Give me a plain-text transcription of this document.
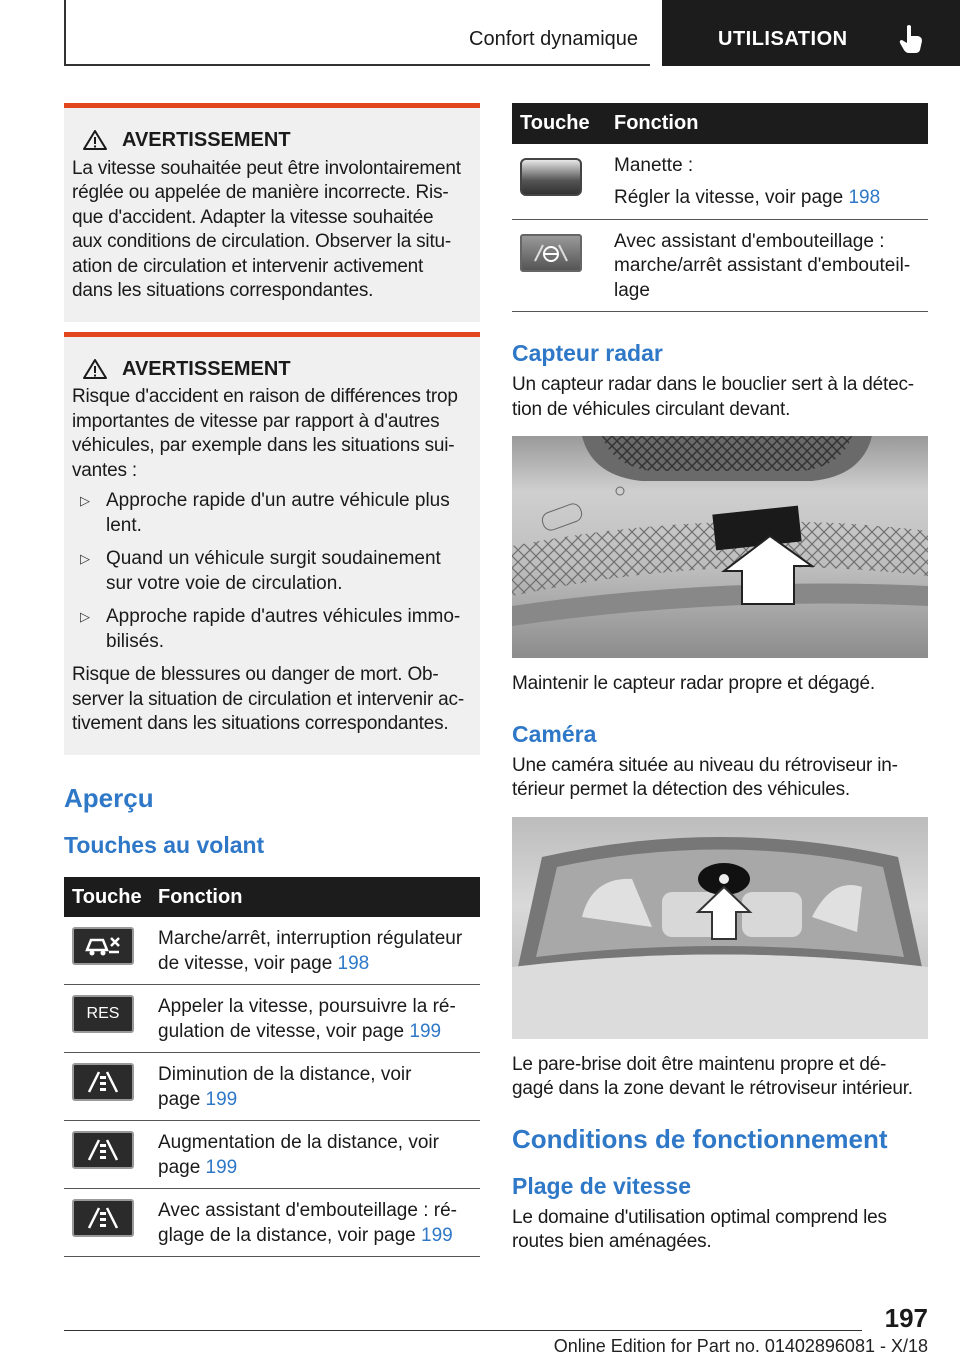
Confort dynamique	UTILISATION
AVERTISSEMENT
La vitesse souhaitée peut être involontairement
réglée ou appelée de manière incorrecte. Ris-
que d'accident. Adapter la vitesse souhaitée
aux conditions de circulation. Observer la situ-
ation de circulation et intervenir activement
dans les situations correspondantes.
AVERTISSEMENT
Risque d'accident en raison de différences trop
importantes de vitesse par rapport à d'autres
véhicules, par exemple dans les situations sui-
vantes :
▷ Approche rapide d'un autre véhicule plus
lent.
▷ Quand un véhicule surgit soudainement
sur votre voie de circulation.
▷ Approche rapide d'autres véhicules immo-
bilisés.
Risque de blessures ou danger de mort. Ob-
server la situation de circulation et intervenir ac-
tivement dans les situations correspondantes.
Aperçu
Touches au volant
Touche	Fonction

	Marche/arrêt, interruption régulateur
de vitesse, voir page 198

RES	Appeler la vitesse, poursuivre la ré-
gulation de vitesse, voir page 199

	Diminution de la distance, voir
page 199

	Augmentation de la distance, voir
page 199

	Avec assistant d'embouteillage : ré-
glage de la distance, voir page 199
Touche	Fonction

	Manette :
Régler la vitesse, voir page 198

	Avec assistant d'embouteillage :
marche/arrêt assistant d'embouteil-
lage
Capteur radar
Un capteur radar dans le bouclier sert à la détec-
tion de véhicules circulant devant.
Maintenir le capteur radar propre et dégagé.
Caméra
Une caméra située au niveau du rétroviseur in-
térieur permet la détection des véhicules.
Le pare-brise doit être maintenu propre et dé-
gagé dans la zone devant le rétroviseur intérieur.
Conditions de fonctionnement
Plage de vitesse
Le domaine d'utilisation optimal comprend les
routes bien aménagées.
197
Online Edition for Part no. 01402896081 - X/18
